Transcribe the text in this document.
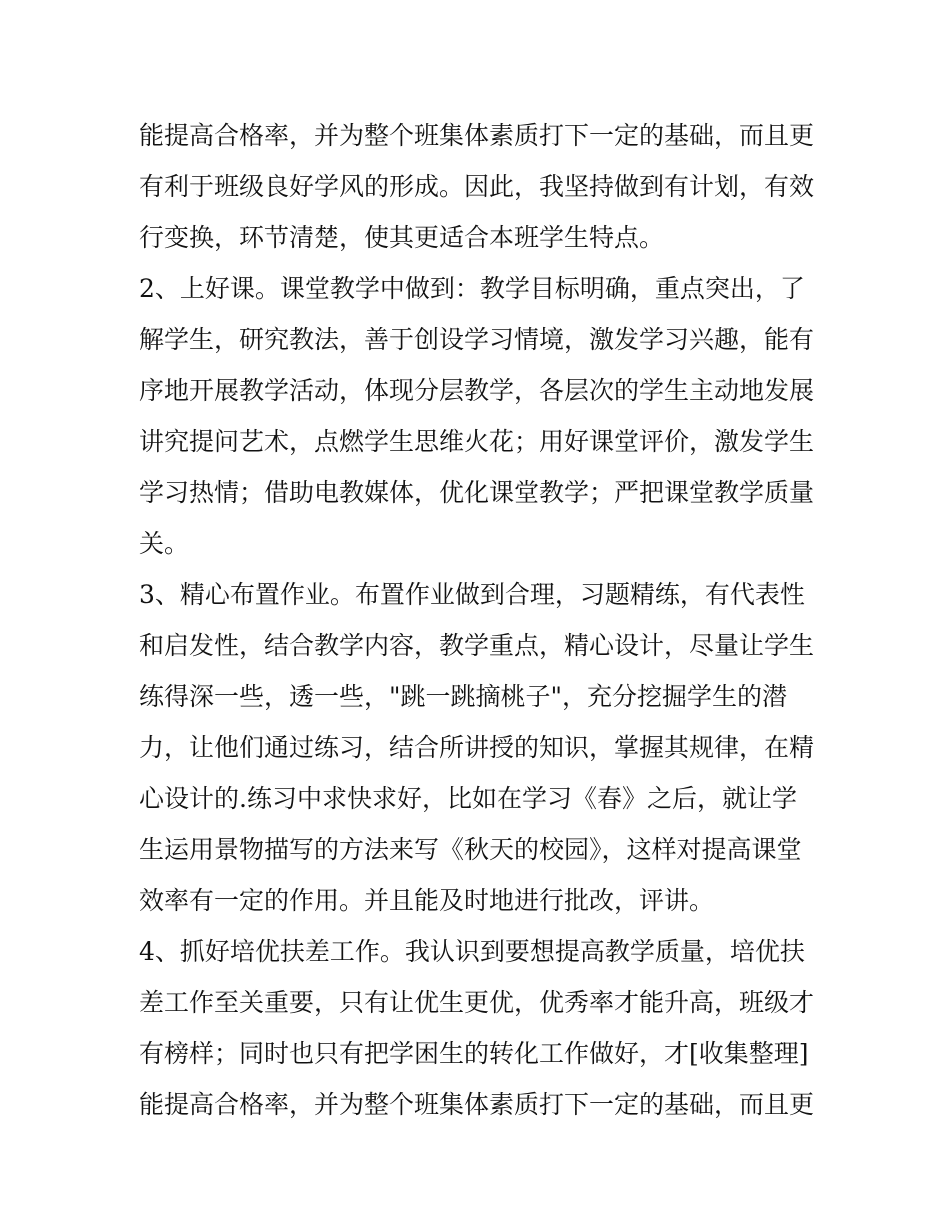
能提高合格率，并为整个班集体素质打下一定的基础，而且更
有利于班级良好学风的形成。因此，我坚持做到有计划，有效
行变换，环节清楚，使其更适合本班学生特点。
2、上好课。课堂教学中做到：教学目标明确，重点突出，了
解学生，研究教法，善于创设学习情境，激发学习兴趣，能有
序地开展教学活动，体现分层教学，各层次的学生主动地发展
讲究提问艺术，点燃学生思维火花；用好课堂评价，激发学生
学习热情；借助电教媒体，优化课堂教学；严把课堂教学质量
关。
3、精心布置作业。布置作业做到合理，习题精练，有代表性
和启发性，结合教学内容，教学重点，精心设计，尽量让学生
练得深一些，透一些，"跳一跳摘桃子"，充分挖掘学生的潜
力，让他们通过练习，结合所讲授的知识，掌握其规律，在精
心设计的.练习中求快求好，比如在学习《春》之后，就让学
生运用景物描写的方法来写《秋天的校园》，这样对提高课堂
效率有一定的作用。并且能及时地进行批改，评讲。
4、抓好培优扶差工作。我认识到要想提高教学质量，培优扶
差工作至关重要，只有让优生更优，优秀率才能升高，班级才
有榜样；同时也只有把学困生的转化工作做好，才[收集整理]
能提高合格率，并为整个班集体素质打下一定的基础，而且更
